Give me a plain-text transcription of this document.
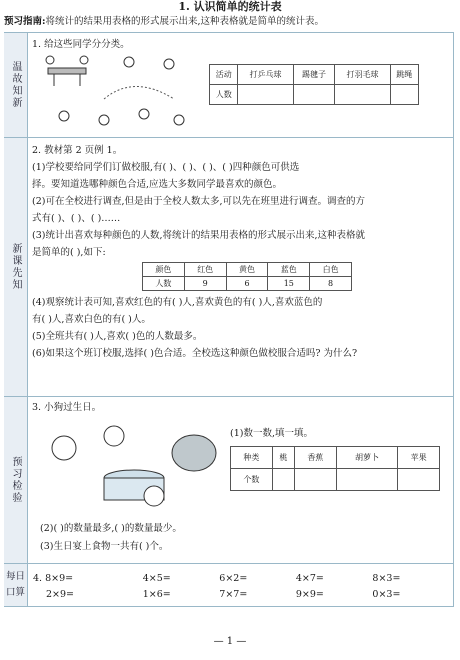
1. 认识简单的统计表
预习指南:将统计的结果用表格的形式展示出来,这种表格就是简单的统计表。
温故知新
1. 给这些同学分分类。
活动	打乒乓球	踢毽子	打羽毛球	跳绳
人数				
新课先知
2. 教材第 2 页例 1。
(1)学校要给同学们订做校服,有( )、( )、( )、( )四种颜色可供选
择。要知道选哪种颜色合适,应选大多数同学最喜欢的颜色。
(2)可在全校进行调查,但是由于全校人数太多,可以先在班里进行调查。调查的方
式有( )、( )、( )……
(3)统计出喜欢每种颜色的人数,将统计的结果用表格的形式展示出来,这种表格就
是简单的( ),如下:
颜色	红色	黄色	蓝色	白色
人数	9	6	15	8
(4)观察统计表可知,喜欢红色的有( )人,喜欢黄色的有( )人,喜欢蓝色的
有( )人,喜欢白色的有( )人。
(5)全班共有( )人,喜欢( )色的人数最多。
(6)如果这个班订校服,选择( )色合适。全校选这种颜色做校服合适吗? 为什么?
预习检验
3. 小狗过生日。
(1)数一数,填一填。
种类	桃	香蕉	胡萝卜	苹果
个数				
(2)( )的数量最多,( )的数量最少。
(3)生日宴上食物一共有( )个。
每日口算
4. 8×9=	4×5=	6×2=	4×7=	8×3=
2×9=	1×6=	7×7=	9×9=	0×3=
— 1 —
